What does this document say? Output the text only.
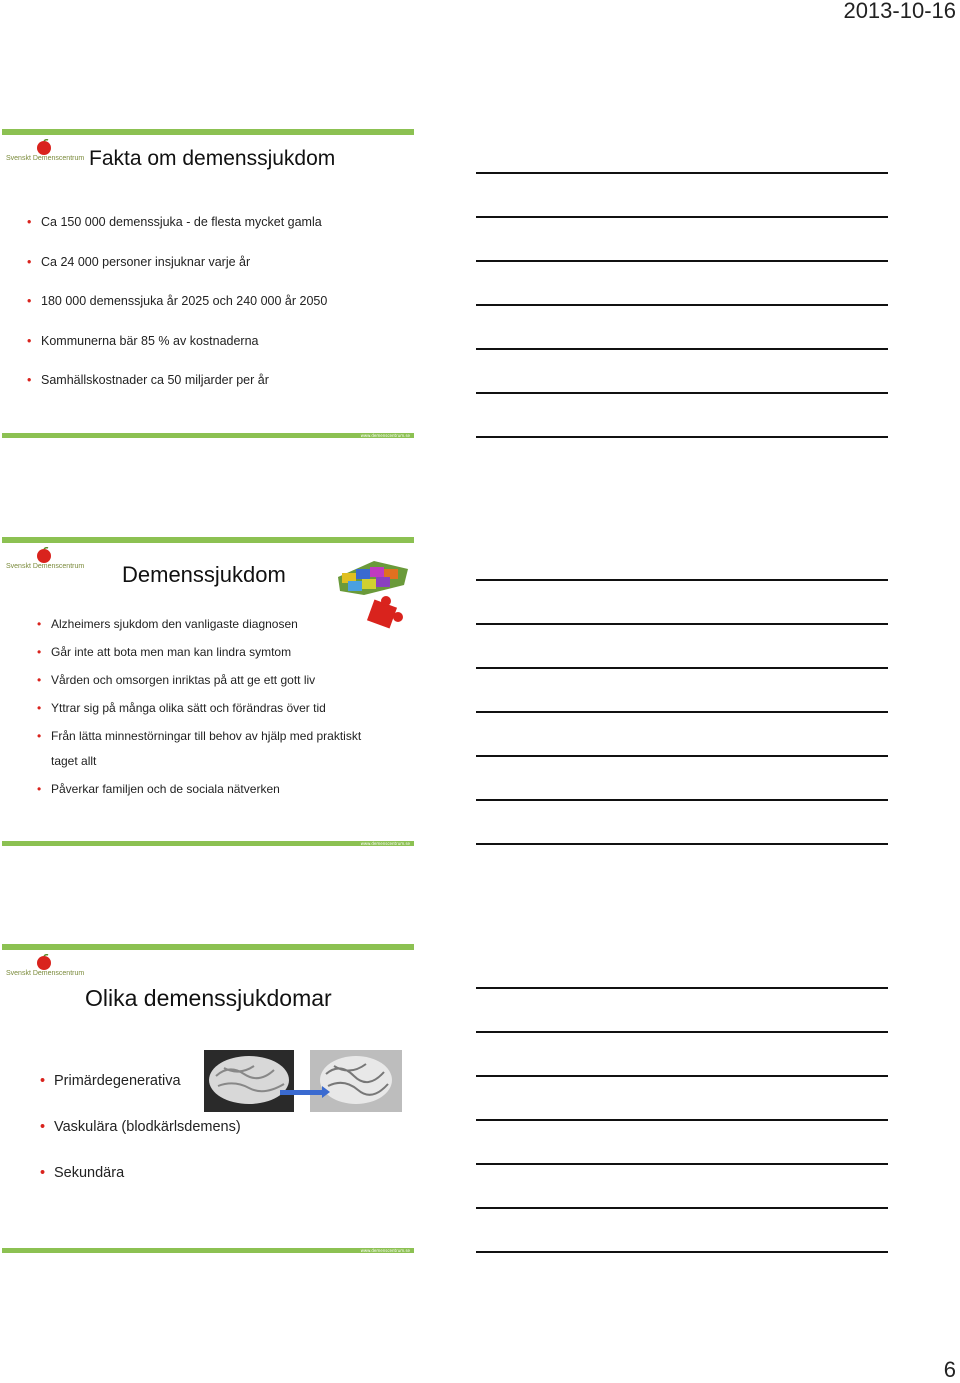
2013-10-16
Svenskt Demenscentrum Fakta om demenssjukdom
• Ca 150 000 demenssjuka - de flesta mycket gamla
• Ca 24 000 personer insjuknar varje år
• 180 000 demenssjuka år 2025 och 240 000 år 2050
• Kommunerna bär 85 % av kostnaderna
• Samhällskostnader ca 50 miljarder per år
www.demenscentrum.se
Svenskt Demenscentrum Demenssjukdom
• Alzheimers sjukdom den vanligaste diagnosen
• Går inte att bota men man kan lindra symtom
• Vården och omsorgen inriktas på att ge ett gott liv
• Yttrar sig på många olika sätt och förändras över tid
• Från lätta minnestörningar till behov av hjälp med praktiskt taget allt
• Påverkar familjen och de sociala nätverken
www.demenscentrum.se
Svenskt Demenscentrum
Olika demenssjukdomar
• Primärdegenerativa
• Vaskulära (blodkärlsdemens)
• Sekundära
www.demenscentrum.se
6
